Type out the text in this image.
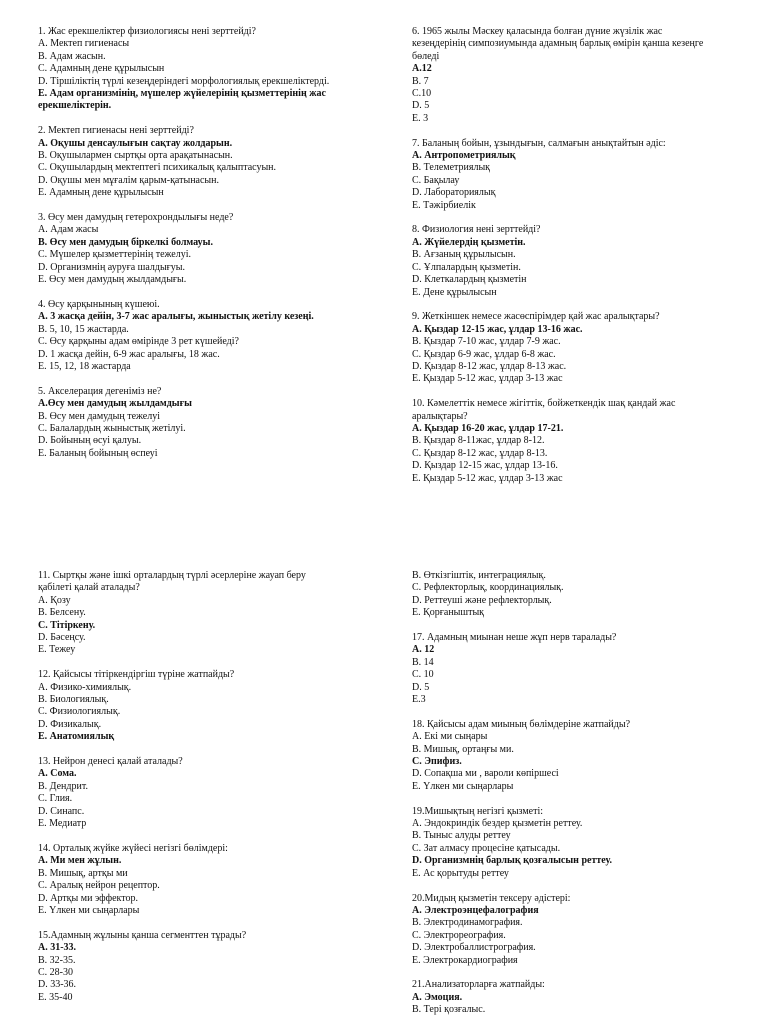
1. Жас ерекшеліктер физиологиясы нені зерттейді?
A. Мектеп гигиенасы
B. Адам жасын.
C. Адамның дене құрылысын
D. Тіршіліктің түрлі кезеңдеріндегі морфологиялық ерекшеліктерді.
E. Адам организмінің, мүшелер жүйелерінің қызметтерінің жас
ерекшеліктерін.
2. Мектеп гигиенасы нені зерттейді?
A. Оқушы денсаулығын сақтау жолдарын.
B. Оқушылармен сыртқы орта арақатынасын.
C. Оқушылардың мектептегі психикалық қалыптасуын.
D. Оқушы мен мұғалім қарым-қатынасын.
E. Адамның дене құрылысын
3. Өсу мен дамудың гетерохрондылығы неде?
A. Адам жасы
B. Өсу мен дамудың біркелкі болмауы.
C. Мүшелер қызметтерінің тежелуі.
D. Организмнің ауруға шалдығуы.
E. Өсу мен дамудың жылдамдығы.
4. Өсу қарқынының күшеюі.
A. 3 жасқа дейін, 3-7 жас аралығы, жыныстық жетілу кезеңі.
B. 5, 10, 15 жастарда.
C. Өсу қарқыны адам өмірінде 3 рет күшейеді?
D. 1 жасқа дейін, 6-9 жас аралығы, 18 жас.
E. 15, 12, 18 жастарда
5. Акселерация дегеніміз не?
A.Өсу мен дамудың жылдамдығы
B. Өсу мен дамудың тежелуі
C. Балалардың жыныстық жетілуі.
D. Бойының өсуі қалуы.
E. Баланың бойының өспеуі
6. 1965 жылы Мәскеу қаласында болған дүние жүзілік жас
кезеңдерінің симпозиумында адамның барлық өмірін қанша кезеңге
бөледі
A.12
B. 7
C.10
D. 5
E. 3
7. Баланың бойын, ұзындығын, салмағын анықтайтын әдіс:
A. Антропометриялық
B. Телеметриялық
C. Бақылау
D. Лабораториялық
E. Тәжірбиелік
8. Физиология нені зерттейді?
A. Жүйелердің қызметін.
B. Ағзаның құрылысын.
C. Ұлпалардың қызметін.
D. Клеткалардың қызметін
E. Дене құрылысын
9. Жеткіншек немесе жасөспірімдер қай жас аралықтары?
A. Қыздар 12-15 жас, ұлдар 13-16 жас.
B. Қыздар 7-10 жас, ұлдар 7-9 жас.
C. Қыздар 6-9 жас, ұлдар 6-8 жас.
D. Қыздар 8-12 жас, ұлдар 8-13 жас.
E. Қыздар 5-12 жас, ұлдар 3-13 жас
10. Кәмелеттік немесе жігіттік, бойжеткендік шақ қандай жас
аралықтары?
A. Қыздар 16-20 жас, ұлдар 17-21.
B. Қыздар 8-11жас, ұлдар 8-12.
C. Қыздар 8-12 жас, ұлдар 8-13.
D. Қыздар 12-15 жас, ұлдар 13-16.
E. Қыздар 5-12 жас, ұлдар 3-13 жас
11. Сыртқы және ішкі орталардың түрлі әсерлеріне жауап беру
қабілеті қалай аталады?
A. Қозу
B. Белсену.
C. Тітіркену.
D. Бәсеңсу.
E. Тежеу
12. Қайсысы тітіркендіргіш түріне жатпайды?
A. Физико-химиялық.
B. Биологиялық.
C. Физиологиялық.
D. Физикалық.
E. Анатомиялық
13. Нейрон денесі қалай аталады?
A. Сома.
B. Дендрит.
C. Глия.
D. Синапс.
E. Медиатр
14. Орталық жүйке жүйесі негізгі бөлімдері:
A. Ми мен жұлын.
B. Мишық, артқы ми
C. Аралық нейрон рецептор.
D. Артқы ми эффектор.
E. Үлкен ми сыңарлары
15.Адамның жұлыны қанша сегменттен тұрады?
A. 31-33.
B. 32-35.
C. 28-30
D. 33-36.
E. 35-40
B. Өткізгіштік, интеграциялық.
C. Рефлекторлық, координациялық.
D. Реттеуші және рефлекторлық.
E. Қорғаныштық
17. Адамның миынан неше жұп нерв таралады?
A. 12
B. 14
C. 10
D. 5
E.3
18. Қайсысы адам миының бөлімдеріне жатпайды?
A. Екі ми сыңары
B. Мишық, ортаңғы ми.
C. Эпифиз.
D. Сопақша ми , вароли көпіршесі
E. Үлкен ми сыңарлары
19.Мишықтың негізгі қызметі:
A. Эндокриндік бездер қызметін реттеу.
B. Тыныс алуды реттеу
C. Зат алмасу процесіне қатысады.
D. Организмнің барлық қозғалысын реттеу.
E. Ас қорытуды реттеу
20.Мидың қызметін тексеру әдістері:
A. Электроэнцефалография
B. Электродинамография.
C. Электрореография.
D. Электробаллистрография.
E. Электрокардиография
21.Анализаторларға жатпайды:
A. Эмоция.
B. Тері қозғалыс.
